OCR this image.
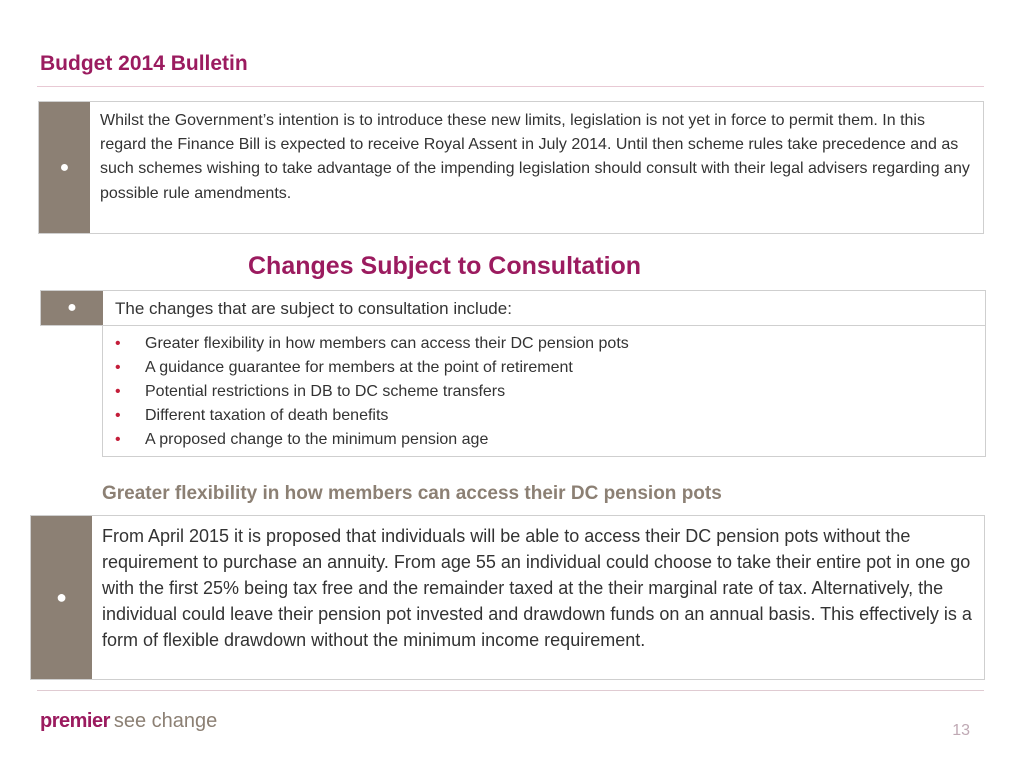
Budget 2014 Bulletin
●
Whilst the Government’s intention is to introduce these new limits, legislation is not yet in force to permit them. In this regard the Finance Bill is expected to receive Royal Assent in July 2014. Until then scheme rules take precedence and as such schemes wishing to take advantage of the impending legislation should consult with their legal advisers regarding any possible rule amendments.
Changes Subject to Consultation
●	The changes that are subject to consultation include:
• Greater flexibility in how members can access their DC pension pots
• A guidance guarantee for members at the point of retirement
• Potential restrictions in DB to DC scheme transfers
• Different taxation of death benefits
• A proposed change to the minimum pension age
Greater flexibility in how members can access their DC pension pots
●
From April 2015 it is proposed that individuals will be able to access their DC pension pots without the requirement to purchase an annuity. From age 55 an individual could choose to take their entire pot in one go with the first 25% being tax free and the remainder taxed at the their marginal rate of tax. Alternatively, the individual could leave their pension pot invested and drawdown funds on an annual basis. This effectively is a form of flexible drawdown without the minimum income requirement.
premier see change	13
